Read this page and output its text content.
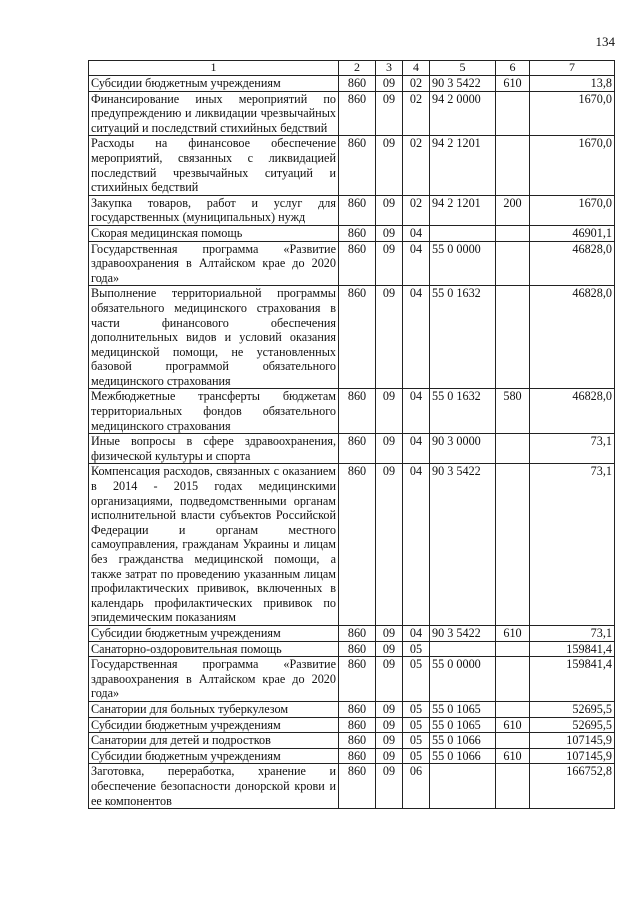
134
1	2	3	4	5	6	7
Субсидии бюджетным учреждениям	860	09	02	90 3 5422	610	13,8
Финансирование иных мероприятий по предупреждению и ликвидации чрезвычайных ситуаций и последствий стихийных бедствий	860	09	02	94 2 0000		1670,0
Расходы на финансовое обеспечение мероприятий, связанных с ликвидацией последствий чрезвычайных ситуаций и стихийных бедствий	860	09	02	94 2 1201		1670,0
Закупка товаров, работ и услуг для государственных (муниципальных) нужд	860	09	02	94 2 1201	200	1670,0
Скорая медицинская помощь	860	09	04			46901,1
Государственная программа «Развитие здравоохранения в Алтайском крае до 2020 года»	860	09	04	55 0 0000		46828,0
Выполнение территориальной программы обязательного медицинского страхования в части финансового обеспечения дополнительных видов и условий оказания медицинской помощи, не установленных базовой программой обязательного медицинского страхования	860	09	04	55 0 1632		46828,0
Межбюджетные трансферты бюджетам территориальных фондов обязательного медицинского страхования	860	09	04	55 0 1632	580	46828,0
Иные вопросы в сфере здравоохранения, физической культуры и спорта	860	09	04	90 3 0000		73,1
Компенсация расходов, связанных с оказанием в 2014 - 2015 годах медицинскими организациями, подведомственными органам исполнительной власти субъектов Российской Федерации и органам местного самоуправления, гражданам Украины и лицам без гражданства медицинской помощи, а также затрат по проведению указанным лицам профилактических прививок, включенных в календарь профилактических прививок по эпидемическим показаниям	860	09	04	90 3 5422		73,1
Субсидии бюджетным учреждениям	860	09	04	90 3 5422	610	73,1
Санаторно-оздоровительная помощь	860	09	05			159841,4
Государственная программа «Развитие здравоохранения в Алтайском крае до 2020 года»	860	09	05	55 0 0000		159841,4
Санатории для больных туберкулезом	860	09	05	55 0 1065		52695,5
Субсидии бюджетным учреждениям	860	09	05	55 0 1065	610	52695,5
Санатории для детей и подростков	860	09	05	55 0 1066		107145,9
Субсидии бюджетным учреждениям	860	09	05	55 0 1066	610	107145,9
Заготовка, переработка, хранение и обеспечение безопасности донорской крови и ее компонентов	860	09	06			166752,8
